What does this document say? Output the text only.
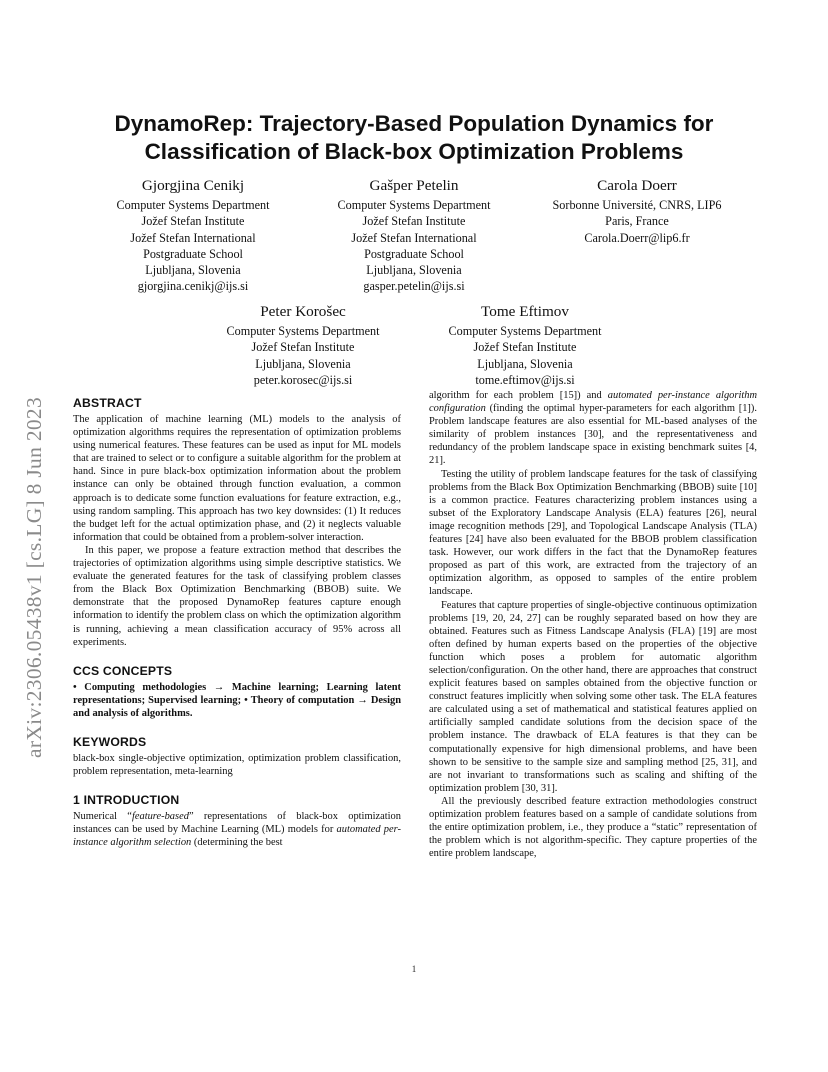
arXiv:2306.05438v1 [cs.LG] 8 Jun 2023
DynamoRep: Trajectory-Based Population Dynamics for
Classification of Black-box Optimization Problems
Gjorgjina Cenikj
Computer Systems Department
Jožef Stefan Institute
Jožef Stefan International
Postgraduate School
Ljubljana, Slovenia
gjorgjina.cenikj@ijs.si
Gašper Petelin
Computer Systems Department
Jožef Stefan Institute
Jožef Stefan International
Postgraduate School
Ljubljana, Slovenia
gasper.petelin@ijs.si
Carola Doerr
Sorbonne Université, CNRS, LIP6
Paris, France
Carola.Doerr@lip6.fr
Peter Korošec
Computer Systems Department
Jožef Stefan Institute
Ljubljana, Slovenia
peter.korosec@ijs.si
Tome Eftimov
Computer Systems Department
Jožef Stefan Institute
Ljubljana, Slovenia
tome.eftimov@ijs.si
ABSTRACT

The application of machine learning (ML) models to the analysis of optimization algorithms requires the representation of optimization problems using numerical features. These features can be used as input for ML models that are trained to select or to configure a suitable algorithm for the problem at hand. Since in pure black-box optimization information about the problem instance can only be obtained through function evaluation, a common approach is to dedicate some function evaluations for feature extraction, e.g., using random sampling. This approach has two key downsides: (1) It reduces the budget left for the actual optimization phase, and (2) it neglects valuable information that could be obtained from a problem-solver interaction.

In this paper, we propose a feature extraction method that describes the trajectories of optimization algorithms using simple descriptive statistics. We evaluate the generated features for the task of classifying problem classes from the Black Box Optimization Benchmarking (BBOB) suite. We demonstrate that the proposed DynamoRep features capture enough information to identify the problem class on which the optimization algorithm is running, achieving a mean classification accuracy of 95% across all experiments.

CCS CONCEPTS

• Computing methodologies → Machine learning; Learning latent representations; Supervised learning; • Theory of computation → Design and analysis of algorithms.

KEYWORDS

black-box single-objective optimization, optimization problem classification, problem representation, meta-learning

1 INTRODUCTION

Numerical “feature-based” representations of black-box optimization instances can be used by Machine Learning (ML) models for automated per-instance algorithm selection (determining the best

algorithm for each problem [15]) and automated per-instance algorithm configuration (finding the optimal hyper-parameters for each algorithm [1]). Problem landscape features are also essential for ML-based analyses of the similarity of problem instances [30], and the representativeness and redundancy of the problem landscape space in existing benchmark suites [4, 21].

Testing the utility of problem landscape features for the task of classifying problems from the Black Box Optimization Benchmarking (BBOB) suite [10] is a common practice. Features characterizing problem instances using a subset of the Exploratory Landscape Analysis (ELA) features [26], neural image recognition methods [29], and Topological Landscape Analysis (TLA) features [24] have also been evaluated for the BBOB problem classification task. However, our work differs in the fact that the DynamoRep features proposed as part of this work, are extracted from the trajectory of an optimization algorithm, as opposed to samples of the entire problem landscape.

Features that capture properties of single-objective continuous optimization problems [19, 20, 24, 27] can be roughly separated based on how they are obtained. Features such as Fitness Landscape Analysis (FLA) [19] are most often defined by human experts based on the properties of the objective function which poses a problem for automatic algorithm selection/configuration. On the other hand, there are approaches that construct explicit features based on samples obtained from the objective function or construct features implicitly when solving some other task. The ELA features are calculated using a set of mathematical and statistical features applied on artificially sampled candidate solutions from the decision space of the problem instance. The drawback of ELA features is that they can be computationally expensive for high dimensional problems, and have been shown to be sensitive to the sample size and sampling method [25, 31], and are not invariant to transformations such as scaling and shifting of the optimization problem [30, 31].

All the previously described feature extraction methodologies construct optimization problem features based on a sample of candidate solutions from the entire optimization problem, i.e., they produce a “static” representation of the problem which is not algorithm-specific. They capture properties of the entire problem landscape,

1
